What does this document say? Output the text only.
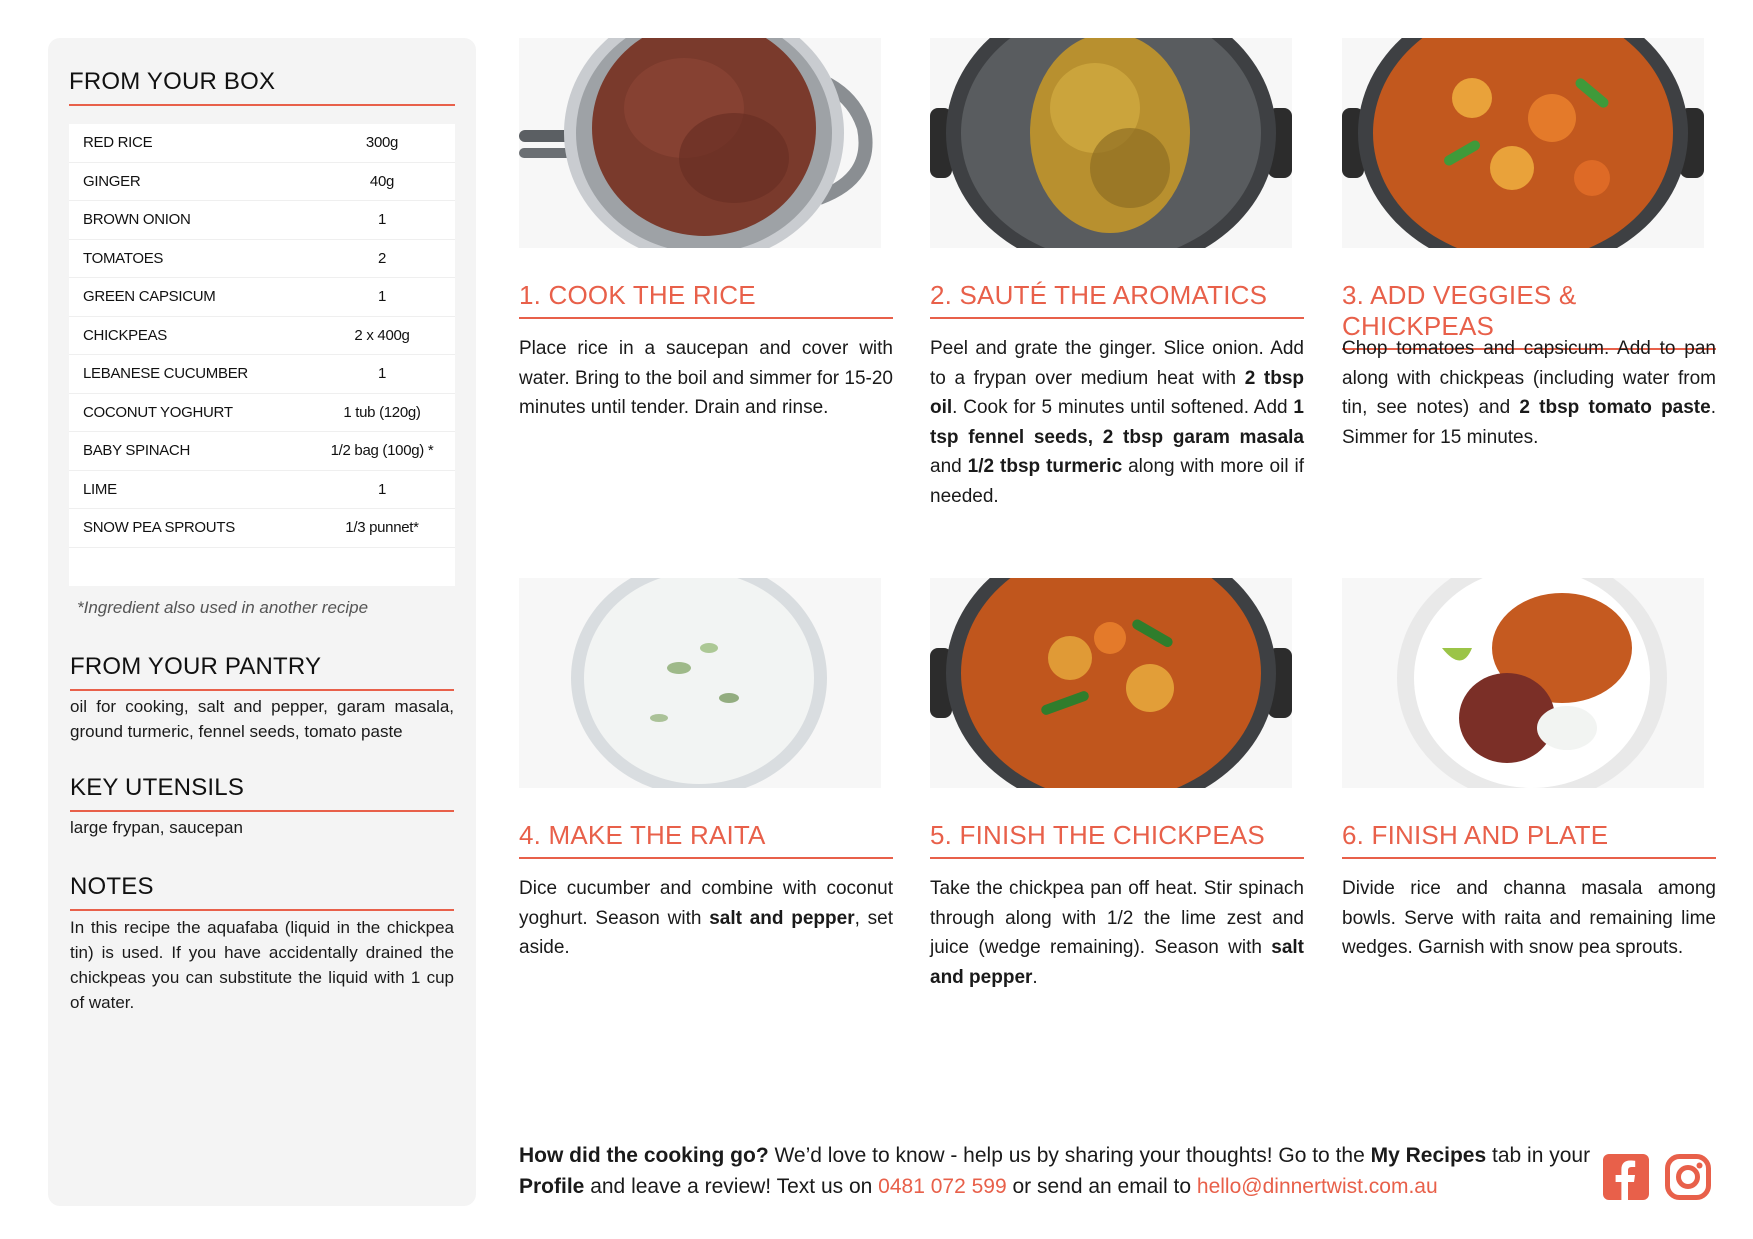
FROM YOUR BOX
RED RICE	300g
GINGER	40g
BROWN ONION	1
TOMATOES	2
GREEN CAPSICUM	1
CHICKPEAS	2 x 400g
LEBANESE CUCUMBER	1
COCONUT YOGHURT	1 tub (120g)
BABY SPINACH	1/2 bag (100g) *
LIME	1
SNOW PEA SPROUTS	1/3 punnet*
*Ingredient also used in another recipe
FROM YOUR PANTRY
oil for cooking, salt and pepper, garam masala, ground turmeric, fennel seeds, tomato paste
KEY UTENSILS
large frypan, saucepan
NOTES
In this recipe the aquafaba (liquid in the chickpea tin) is used. If you have accidentally drained the chickpeas you can substitute the liquid with 1 cup of water.
1. COOK THE RICE
Place rice in a saucepan and cover with water. Bring to the boil and simmer for 15-20 minutes until tender. Drain and rinse.
2. SAUTÉ THE AROMATICS
Peel and grate the ginger. Slice onion. Add to a frypan over medium heat with 2 tbsp oil. Cook for 5 minutes until softened. Add 1 tsp fennel seeds, 2 tbsp garam masala and 1/2 tbsp turmeric along with more oil if needed.
3. ADD VEGGIES & CHICKPEAS
Chop tomatoes and capsicum. Add to pan along with chickpeas (including water from tin, see notes) and 2 tbsp tomato paste. Simmer for 15 minutes.
4. MAKE THE RAITA
Dice cucumber and combine with coconut yoghurt. Season with salt and pepper, set aside.
5. FINISH THE CHICKPEAS
Take the chickpea pan off heat. Stir spinach through along with 1/2 the lime zest and juice (wedge remaining). Season with salt and pepper.
6. FINISH AND PLATE
Divide rice and channa masala among bowls. Serve with raita and remaining lime wedges. Garnish with snow pea sprouts.
How did the cooking go? We’d love to know - help us by sharing your thoughts! Go to the My Recipes tab in your Profile and leave a review! Text us on 0481 072 599 or send an email to hello@dinnertwist.com.au
